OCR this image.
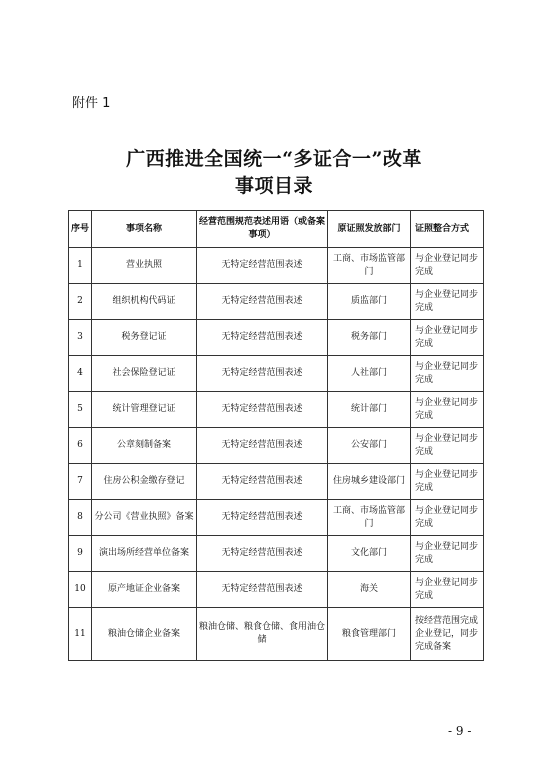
附件 1
广西推进全国统一“多证合一”改革
事项目录
序号	事项名称	经营范围规范表述用语（或备案事项）	原证照发放部门	证照整合方式
1	营业执照	无特定经营范围表述	工商、市场监管部门	与企业登记同步完成
2	组织机构代码证	无特定经营范围表述	质监部门	与企业登记同步完成
3	税务登记证	无特定经营范围表述	税务部门	与企业登记同步完成
4	社会保险登记证	无特定经营范围表述	人社部门	与企业登记同步完成
5	统计管理登记证	无特定经营范围表述	统计部门	与企业登记同步完成
6	公章刻制备案	无特定经营范围表述	公安部门	与企业登记同步完成
7	住房公积金缴存登记	无特定经营范围表述	住房城乡建设部门	与企业登记同步完成
8	分公司《营业执照》备案	无特定经营范围表述	工商、市场监管部门	与企业登记同步完成
9	演出场所经营单位备案	无特定经营范围表述	文化部门	与企业登记同步完成
10	原产地证企业备案	无特定经营范围表述	海关	与企业登记同步完成
11	粮油仓储企业备案	粮油仓储、粮食仓储、食用油仓储	粮食管理部门	按经营范围完成企业登记，同步完成备案
- 9 -
